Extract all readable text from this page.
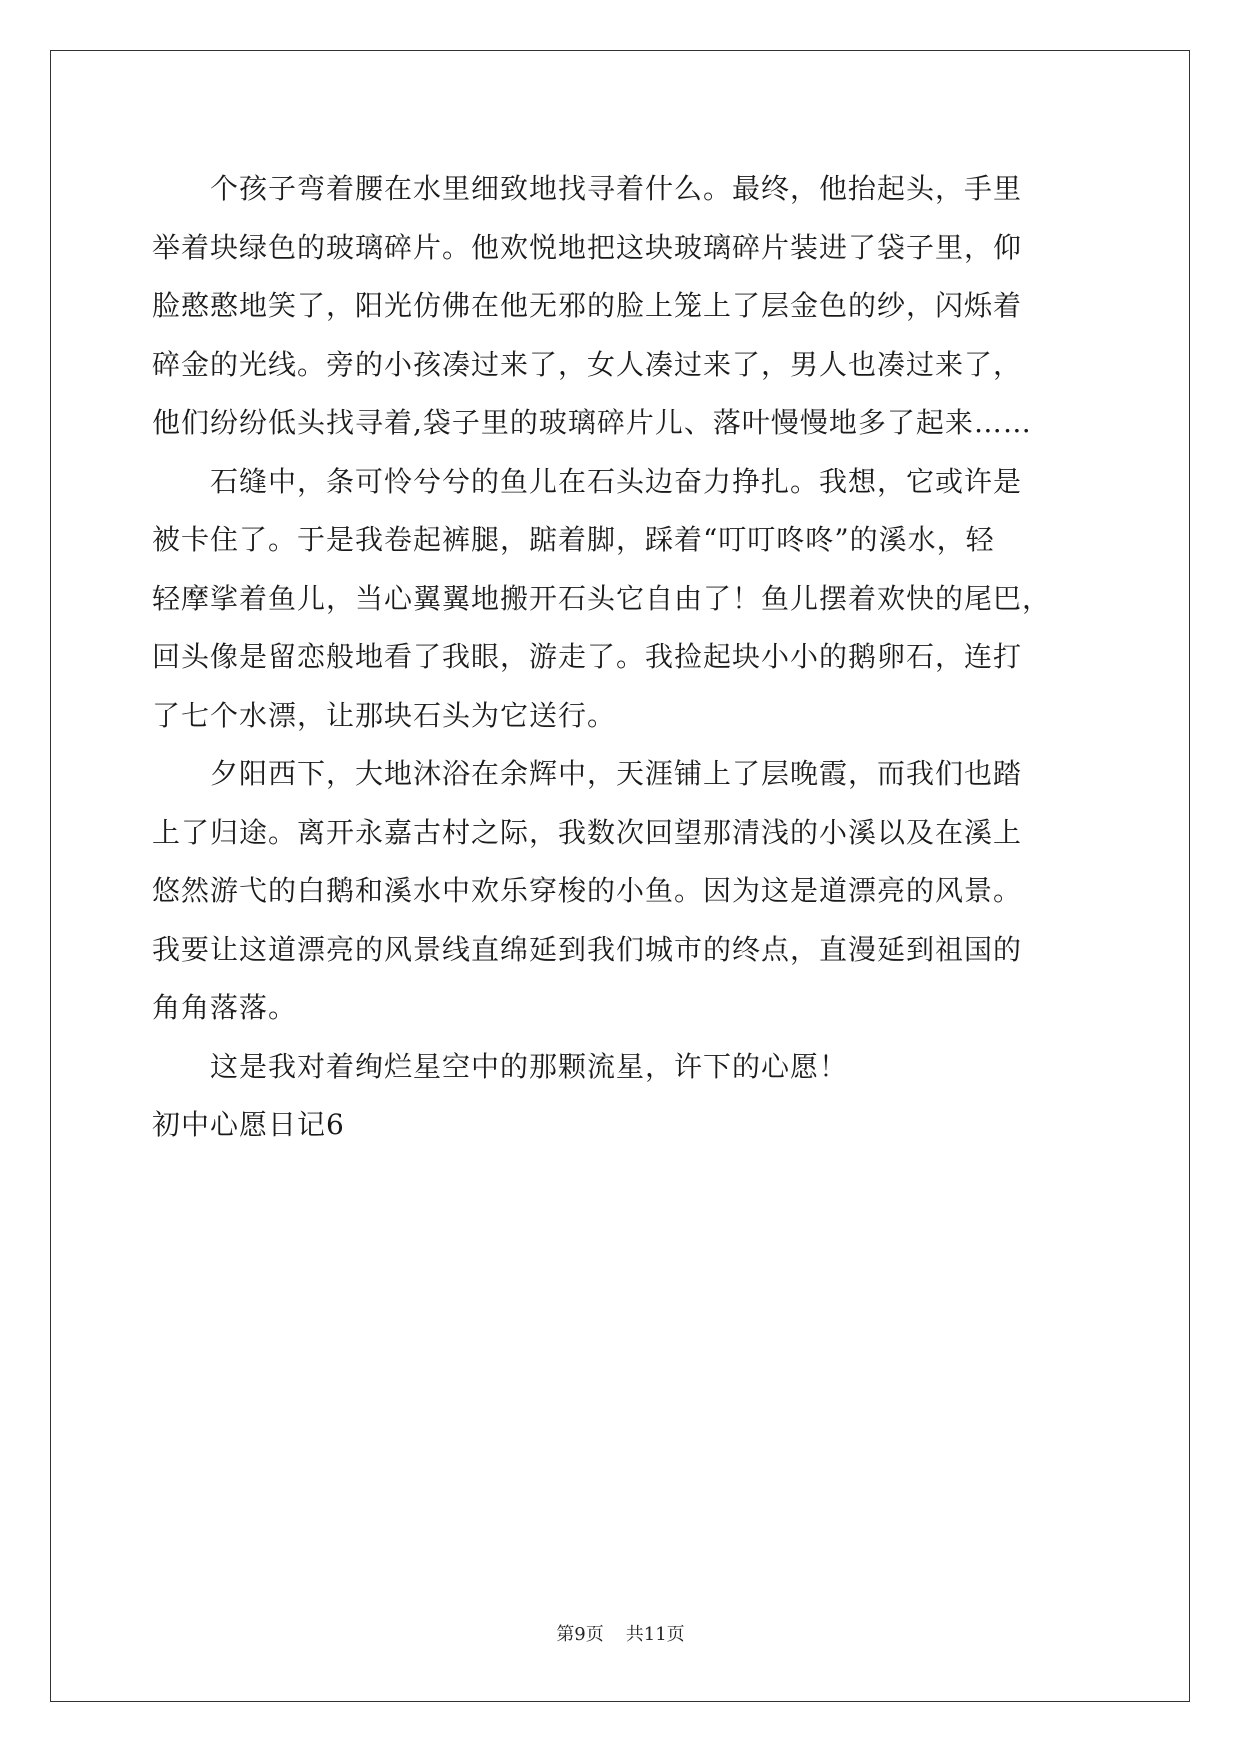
个孩子弯着腰在水里细致地找寻着什么。最终，他抬起头，手里
举着块绿色的玻璃碎片。他欢悦地把这块玻璃碎片装进了袋子里，仰
脸憨憨地笑了，阳光仿佛在他无邪的脸上笼上了层金色的纱，闪烁着
碎金的光线。旁的小孩凑过来了，女人凑过来了，男人也凑过来了，
他们纷纷低头找寻着,袋子里的玻璃碎片儿、落叶慢慢地多了起来……

石缝中，条可怜兮兮的鱼儿在石头边奋力挣扎。我想，它或许是
被卡住了。于是我卷起裤腿，踮着脚，踩着“叮叮咚咚”的溪水，轻
轻摩挲着鱼儿，当心翼翼地搬开石头它自由了！鱼儿摆着欢快的尾巴，
回头像是留恋般地看了我眼，游走了。我捡起块小小的鹅卵石，连打
了七个水漂，让那块石头为它送行。

夕阳西下，大地沐浴在余辉中，天涯铺上了层晚霞，而我们也踏
上了归途。离开永嘉古村之际，我数次回望那清浅的小溪以及在溪上
悠然游弋的白鹅和溪水中欢乐穿梭的小鱼。因为这是道漂亮的风景。
我要让这道漂亮的风景线直绵延到我们城市的终点，直漫延到祖国的
角角落落。

这是我对着绚烂星空中的那颗流星，许下的心愿！

初中心愿日记6

第9页 共11页
